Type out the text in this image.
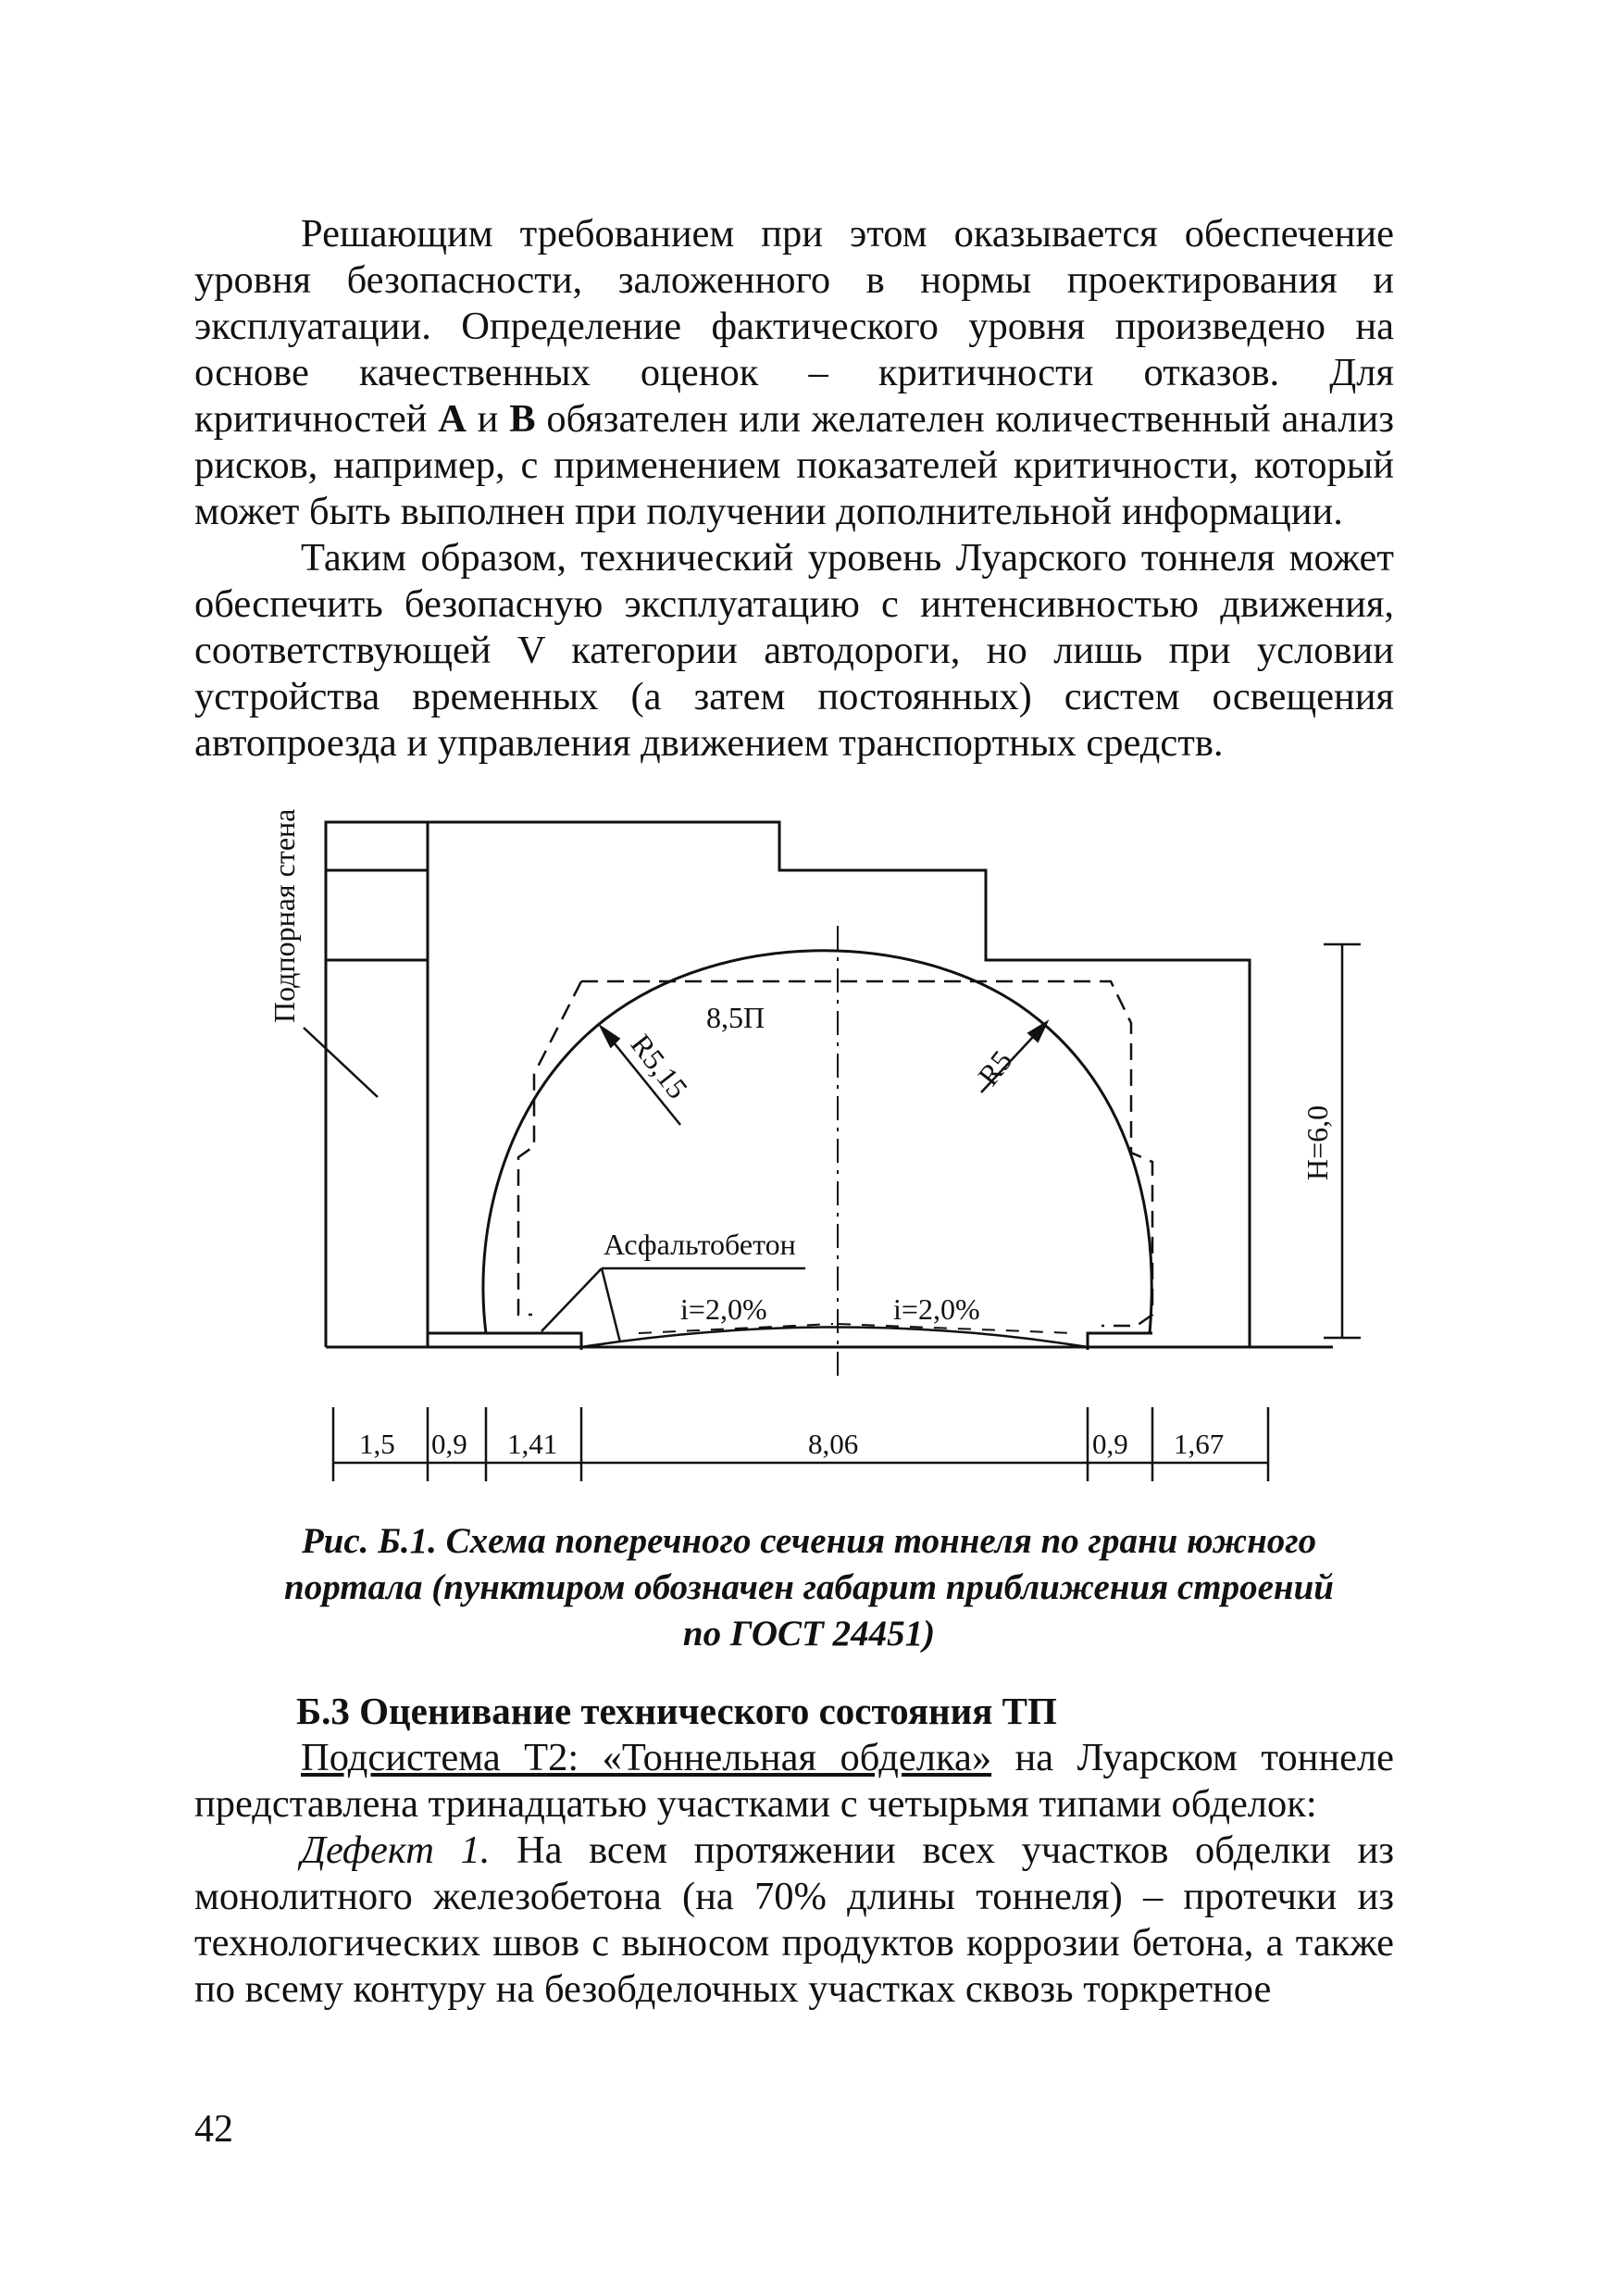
Решающим требованием при этом оказывается обеспечение уровня безопасности, заложенного в нормы проектирования и эксплуатации. Определение фактического уровня произведено на основе качественных оценок – критичности отказов. Для критичностей А и В обязателен или желателен количественный анализ рисков, например, с применением показателей критичности, который может быть выполнен при получении дополнительной информации.

Таким образом, технический уровень Луарского тоннеля может обеспечить безопасную эксплуатацию с интенсивностью движения, соответствующей V категории автодороги, но лишь при условии устройства временных (а затем постоянных) систем освещения автопроезда и управления движением транспортных средств.

Подпорная стена	8,5П
R5,15	R5
H=6,0
Асфальтобетон
i=2,0%	i=2,0%
1,5 0,9 1,41	8,06	0,9 1,67
Рис. Б.1. Схема поперечного сечения тоннеля по грани южного
портала (пунктиром обозначен габарит приближения строений
по ГОСТ 24451)
Б.3 Оценивание технического состояния ТП

Подсистема Т2: «Тоннельная обделка» на Луарском тоннеле представлена тринадцатью участками с четырьмя типами обделок:

Дефект 1. На всем протяжении всех участков обделки из монолитного железобетона (на 70% длины тоннеля) – протечки из технологических швов с выносом продуктов коррозии бетона, а также по всему контуру на безобделочных участках сквозь торкретное

42
